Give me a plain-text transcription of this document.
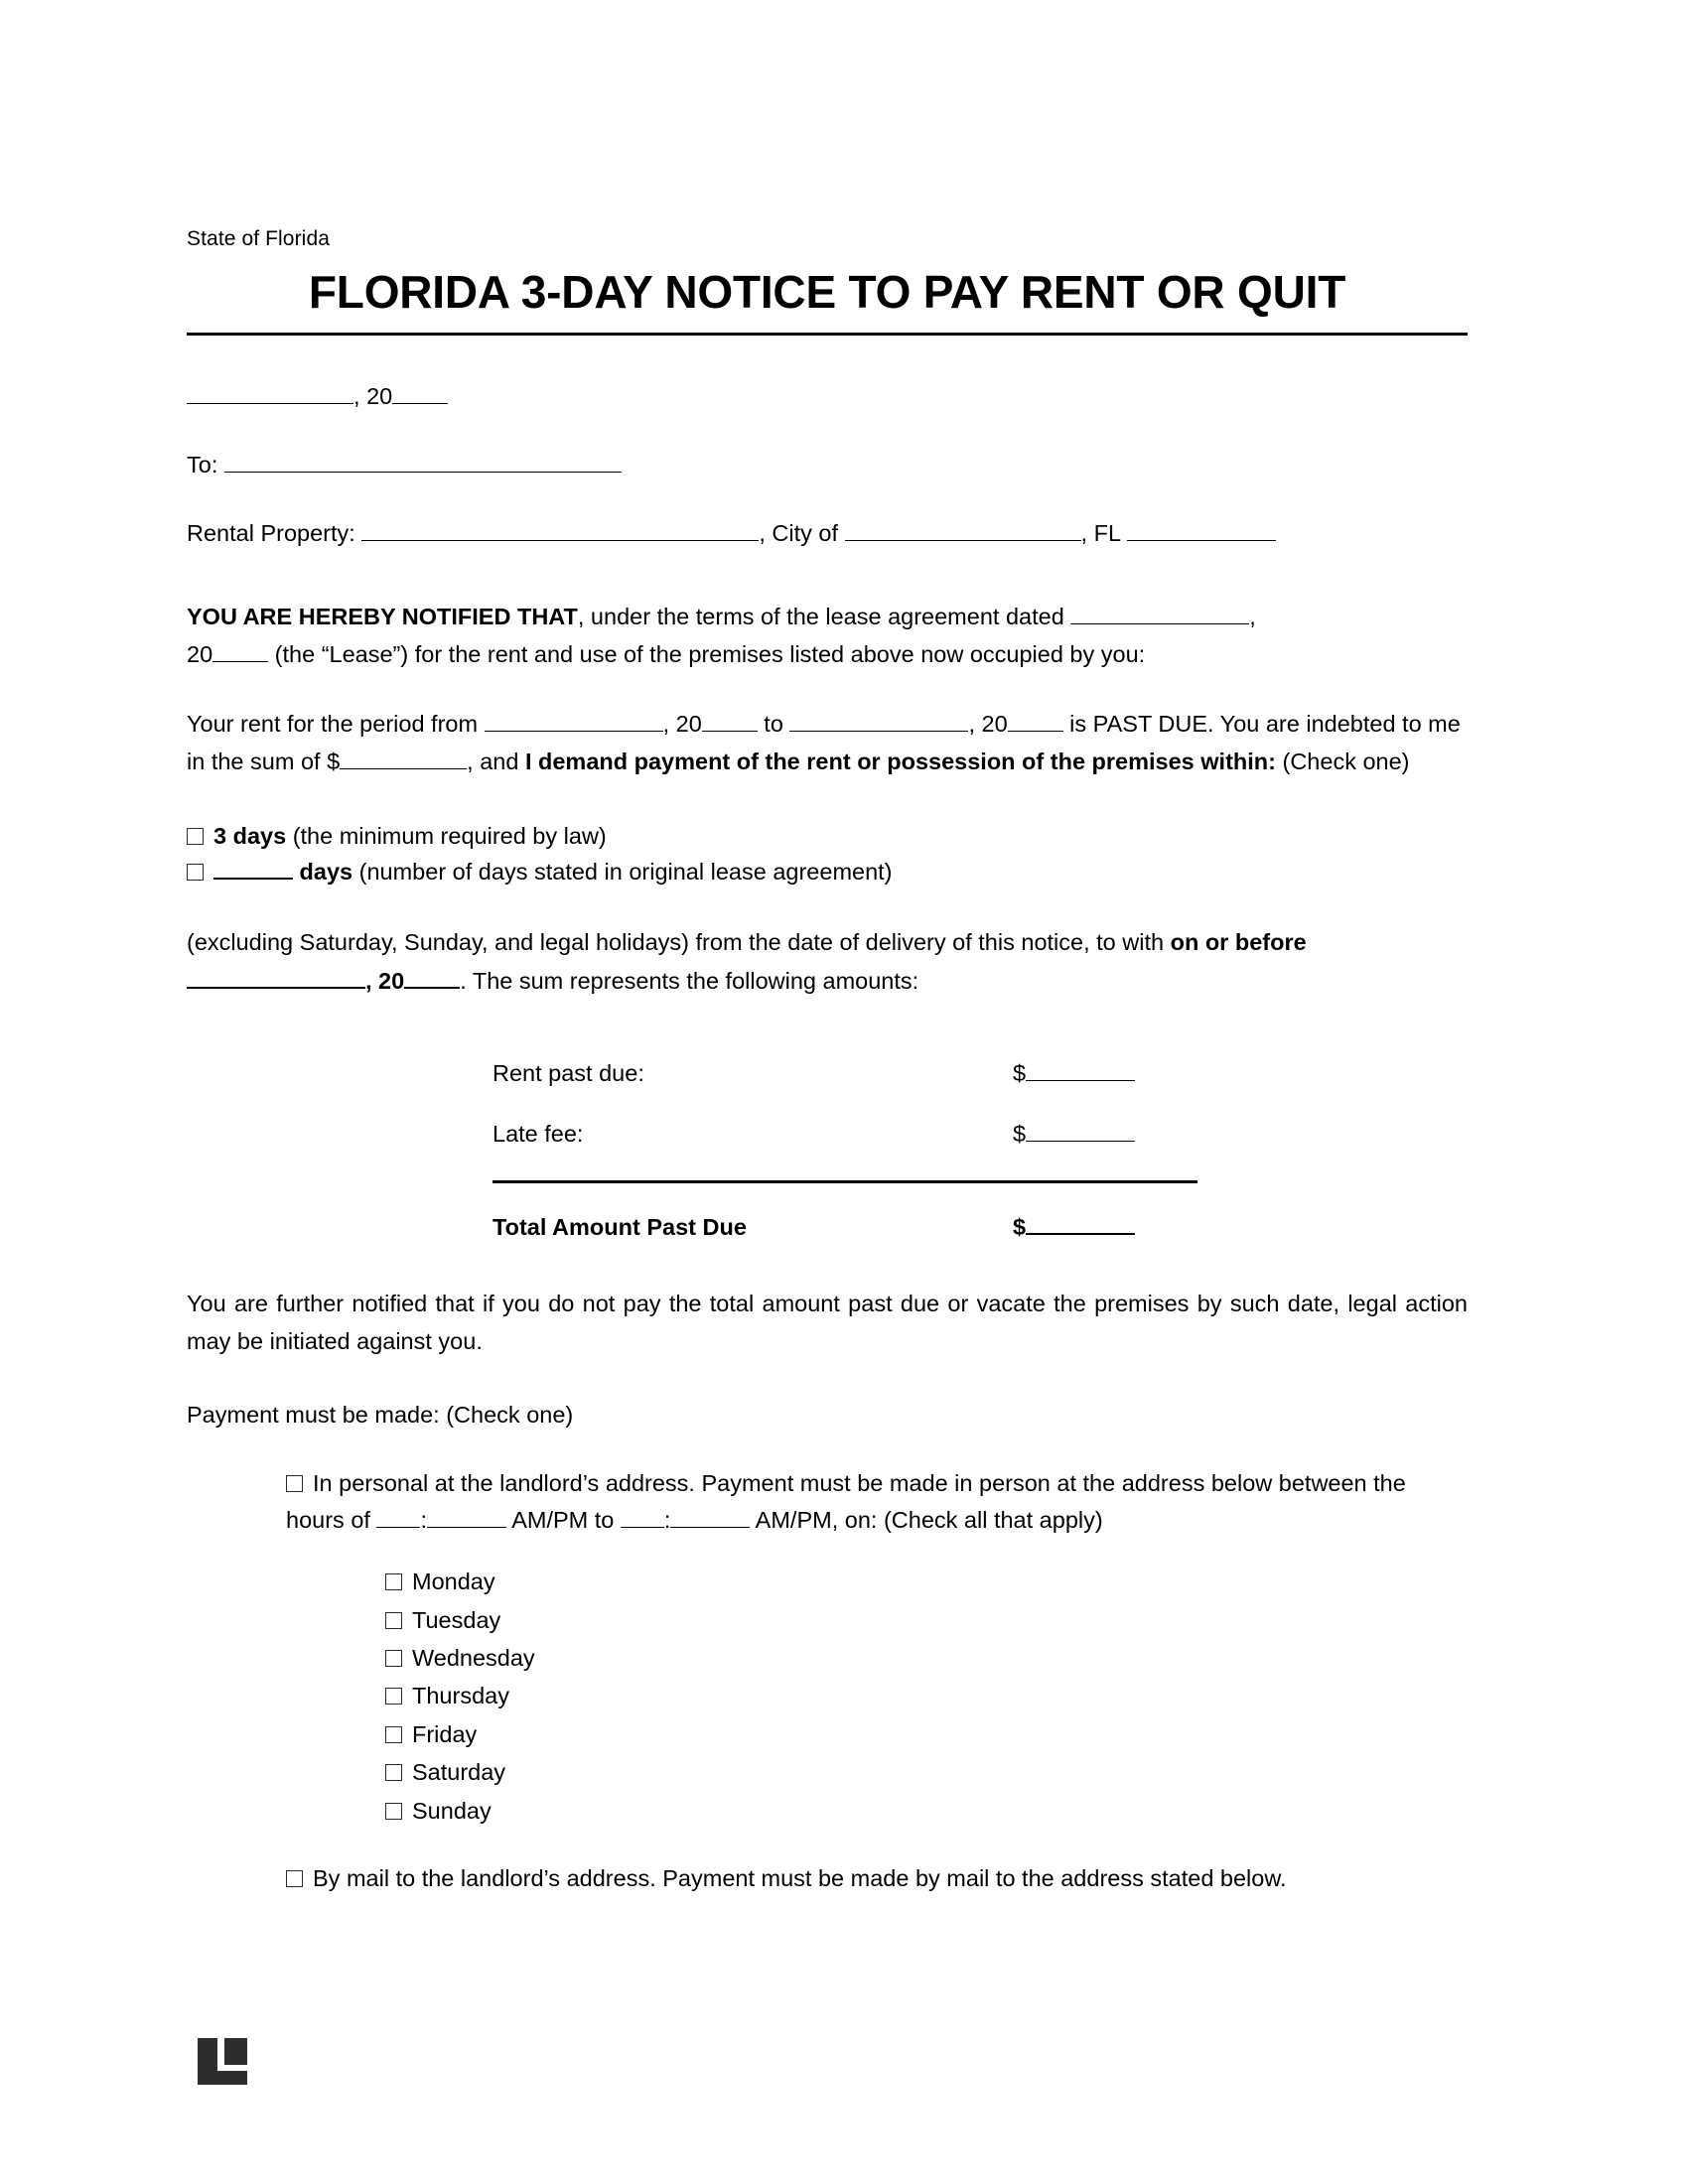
State of Florida
FLORIDA 3-DAY NOTICE TO PAY RENT OR QUIT
, 20
To:
Rental Property:	, City of	, FL
YOU ARE HEREBY NOTIFIED THAT, under the terms of the lease agreement dated	,
20 (the “Lease”) for the rent and use of the premises listed above now occupied by you:
Your rent for the period from	, 20 to	, 20 is PAST DUE. You are indebted to me in the sum of $	, and I demand payment of the rent or possession of the premises within: (Check one)
3 days (the minimum required by law)
days (number of days stated in original lease agreement)
(excluding Saturday, Sunday, and legal holidays) from the date of delivery of this notice, to with on or before , 20 . The sum represents the following amounts:
Rent past due:	$
Late fee:	$
Total Amount Past Due	$
You are further notified that if you do not pay the total amount past due or vacate the premises by such date, legal action may be initiated against you.
Payment must be made: (Check one)
In personal at the landlord’s address. Payment must be made in person at the address below between the hours of :	AM/PM to :	AM/PM, on: (Check all that apply)
Monday
Tuesday
Wednesday
Thursday
Friday
Saturday
Sunday
By mail to the landlord’s address. Payment must be made by mail to the address stated below.
